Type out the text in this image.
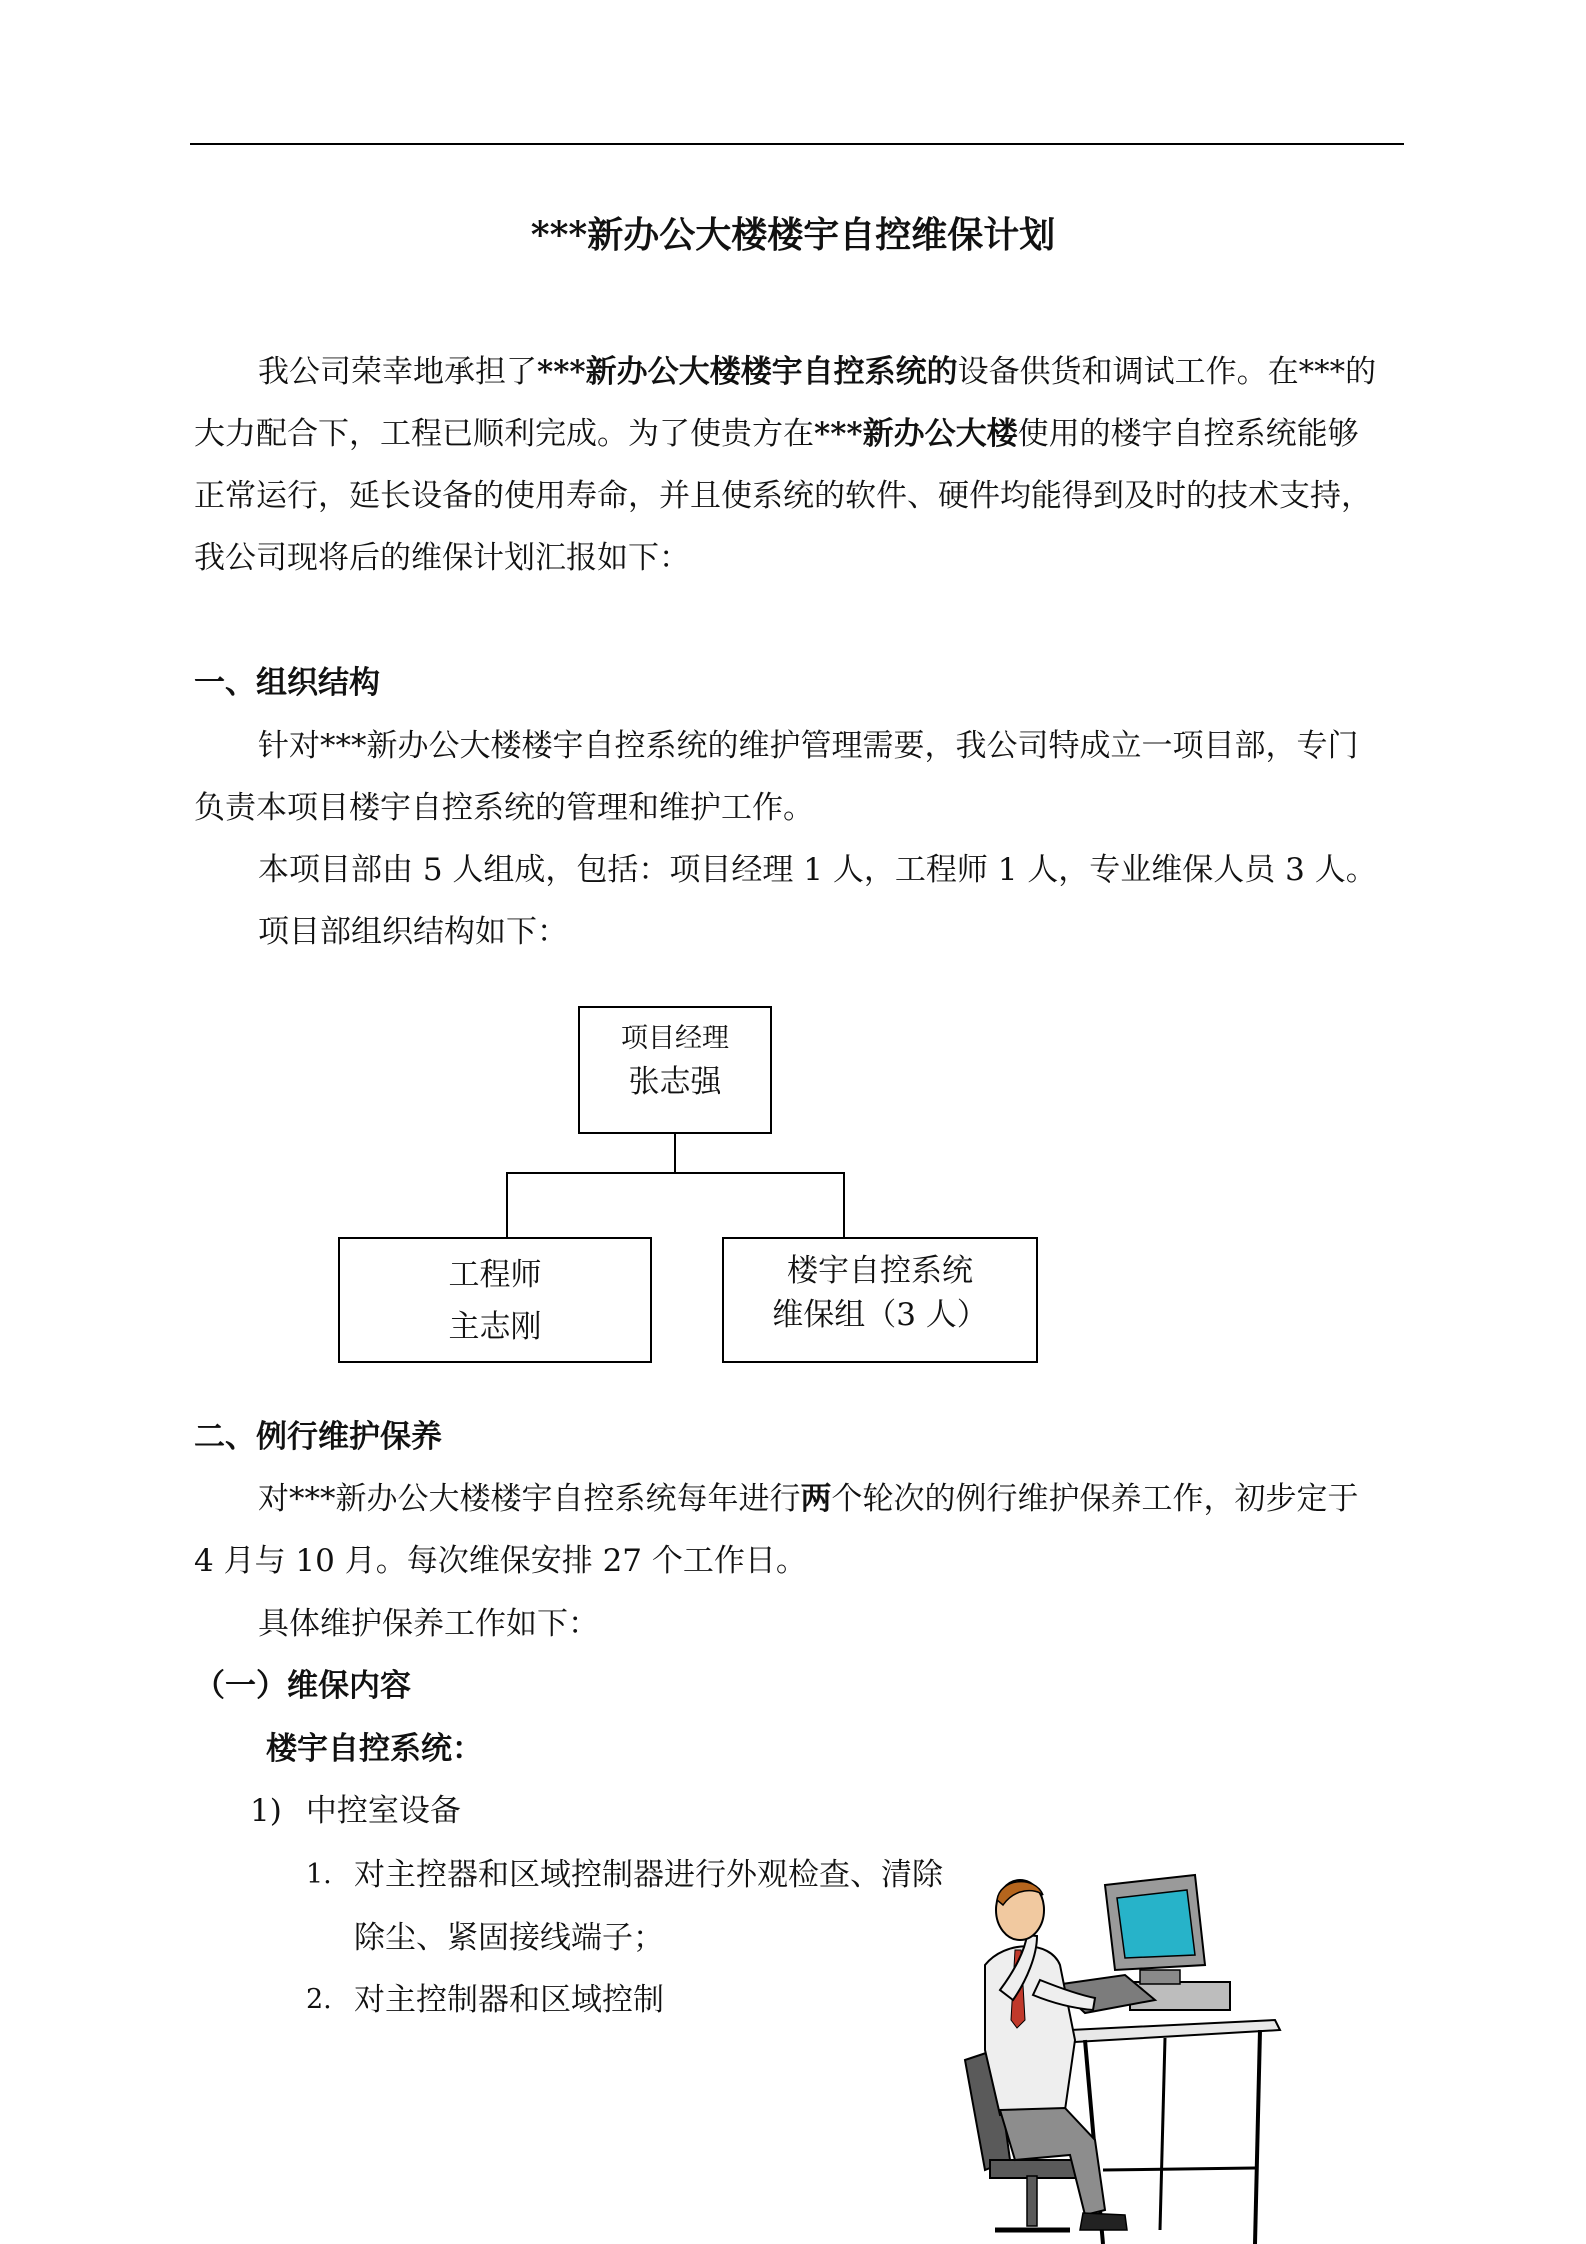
***新办公大楼楼宇自控维保计划
我公司荣幸地承担了***新办公大楼楼宇自控系统的设备供货和调试工作。在***的
大力配合下，工程已顺利完成。为了使贵方在***新办公大楼使用的楼宇自控系统能够
正常运行，延长设备的使用寿命，并且使系统的软件、硬件均能得到及时的技术支持，
我公司现将后的维保计划汇报如下：
一、组织结构
针对***新办公大楼楼宇自控系统的维护管理需要，我公司特成立一项目部，专门
负责本项目楼宇自控系统的管理和维护工作。
本项目部由 5 人组成，包括：项目经理 1 人，工程师 1 人，专业维保人员 3 人。
项目部组织结构如下：
项目经理
张志强
工程师
主志刚
楼宇自控系统
维保组（3 人）
二、例行维护保养
对***新办公大楼楼宇自控系统每年进行两个轮次的例行维护保养工作，初步定于
4 月与 10 月。每次维保安排 27 个工作日。
具体维护保养工作如下：
（一）维保内容
楼宇自控系统：
1) 中控室设备
1. 对主控器和区域控制器进行外观检查、清除
除尘、紧固接线端子；
2. 对主控制器和区域控制
